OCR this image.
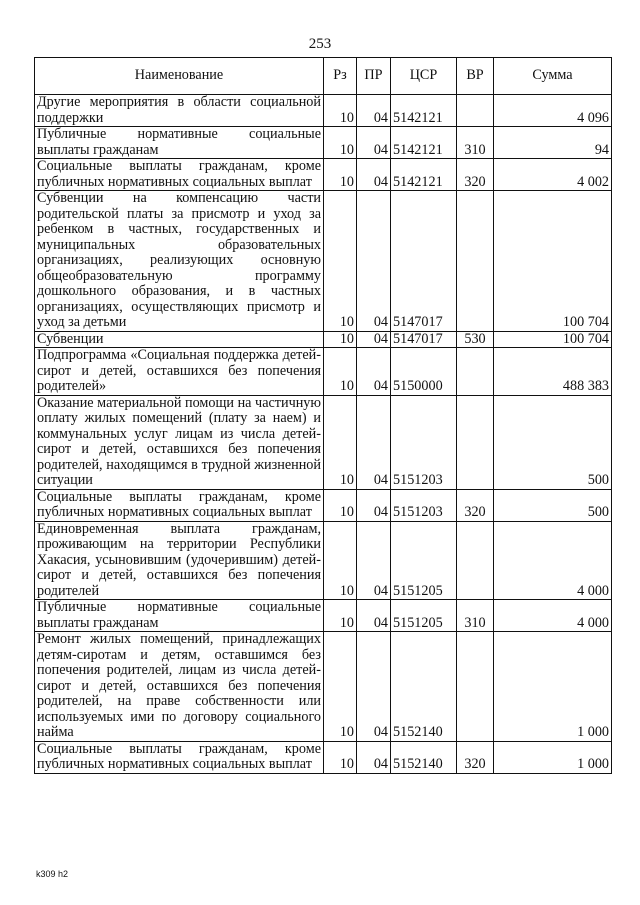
253
Наименование	Рз	ПР	ЦСР	ВР	Сумма
Другие мероприятия в области социальной поддержки	10	04	5142121		4 096
Публичные нормативные социальные выплаты гражданам	10	04	5142121	310	94
Социальные выплаты гражданам, кроме публичных нормативных социальных выплат	10	04	5142121	320	4 002
Субвенции на компенсацию части родительской платы за присмотр и уход за ребенком в частных, государственных и муниципальных образовательных организациях, реализующих основную общеобразовательную программу дошкольного образования, и в частных организациях, осуществляющих присмотр и уход за детьми	10	04	5147017		100 704
Субвенции	10	04	5147017	530	100 704
Подпрограмма «Социальная поддержка детей-сирот и детей, оставшихся без попечения родителей»	10	04	5150000		488 383
Оказание материальной помощи на частичную оплату жилых помещений (плату за наем) и коммунальных услуг лицам из числа детей-сирот и детей, оставшихся без попечения родителей, находящимся в трудной жизненной ситуации	10	04	5151203		500
Социальные выплаты гражданам, кроме публичных нормативных социальных выплат	10	04	5151203	320	500
Единовременная выплата гражданам, проживающим на территории Республики Хакасия, усыновившим (удочерившим) детей-сирот и детей, оставшихся без попечения родителей	10	04	5151205		4 000
Публичные нормативные социальные выплаты гражданам	10	04	5151205	310	4 000
Ремонт жилых помещений, принадлежащих детям-сиротам и детям, оставшимся без попечения родителей, лицам из числа детей-сирот и детей, оставшихся без попечения родителей, на праве собственности или используемых ими по договору социального найма	10	04	5152140		1 000
Социальные выплаты гражданам, кроме публичных нормативных социальных выплат	10	04	5152140	320	1 000
k309 h2
